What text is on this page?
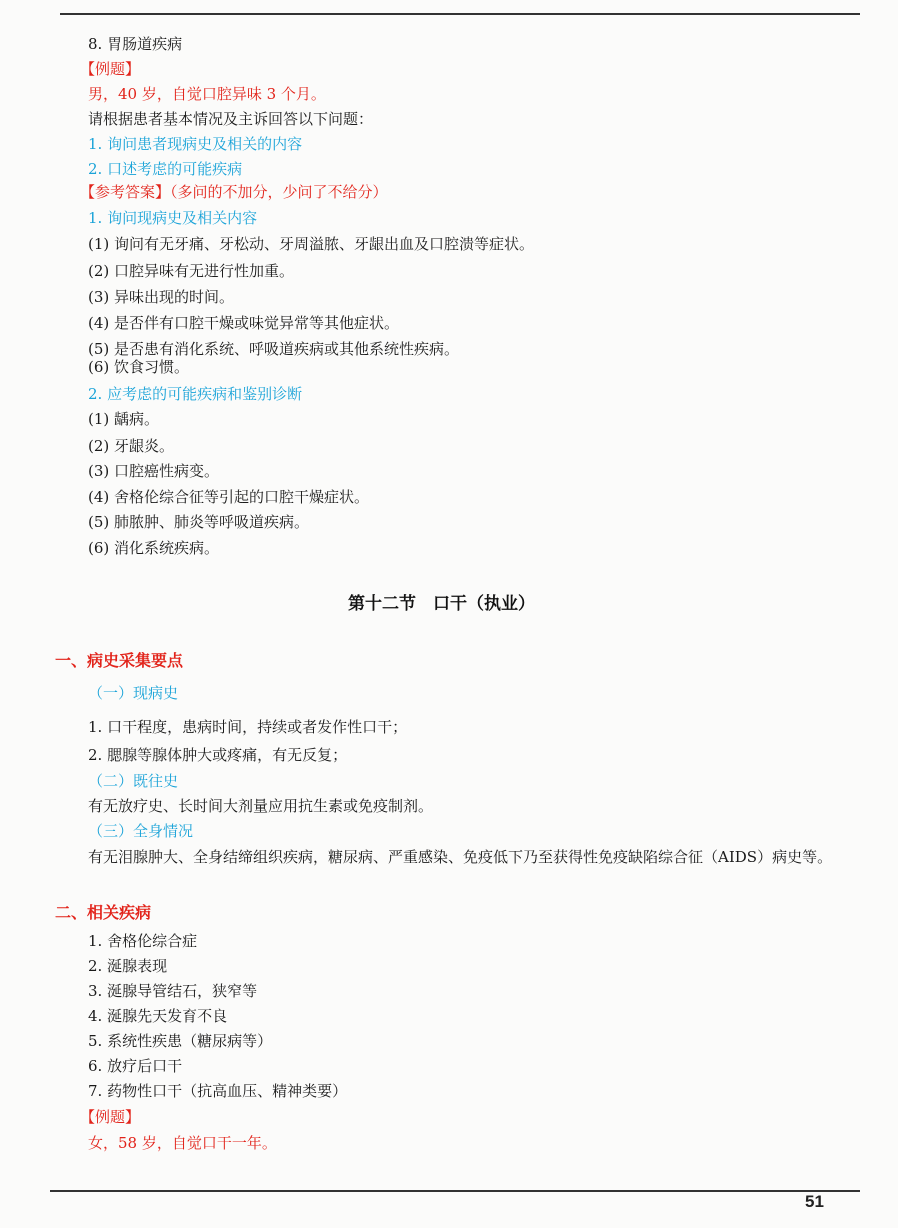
8. 胃肠道疾病
【例题】
男，40 岁，自觉口腔异味 3 个月。
请根据患者基本情况及主诉回答以下问题：
1. 询问患者现病史及相关的内容
2. 口述考虑的可能疾病
【参考答案】（多问的不加分，少问了不给分）
1. 询问现病史及相关内容
(1) 询问有无牙痛、牙松动、牙周溢脓、牙龈出血及口腔溃等症状。
(2) 口腔异味有无进行性加重。
(3) 异味出现的时间。
(4) 是否伴有口腔干燥或味觉异常等其他症状。
(5) 是否患有消化系统、呼吸道疾病或其他系统性疾病。
(6) 饮食习惯。
2. 应考虑的可能疾病和鉴别诊断
(1) 龋病。
(2) 牙龈炎。
(3) 口腔癌性病变。
(4) 舍格伦综合征等引起的口腔干燥症状。
(5) 肺脓肿、肺炎等呼吸道疾病。
(6) 消化系统疾病。
第十二节　口干（执业）
一、病史采集要点
（一）现病史
1. 口干程度，患病时间，持续或者发作性口干；
2. 腮腺等腺体肿大或疼痛，有无反复；
（二）既往史
有无放疗史、长时间大剂量应用抗生素或免疫制剂。
（三）全身情况
有无泪腺肿大、全身结缔组织疾病，糖尿病、严重感染、免疫低下乃至获得性免疫缺陷综合征（AIDS）病史等。
二、相关疾病
1. 舍格伦综合症
2. 涎腺表现
3. 涎腺导管结石，狭窄等
4. 涎腺先天发育不良
5. 系统性疾患（糖尿病等）
6. 放疗后口干
7. 药物性口干（抗高血压、精神类要）
【例题】
女，58 岁，自觉口干一年。
51
